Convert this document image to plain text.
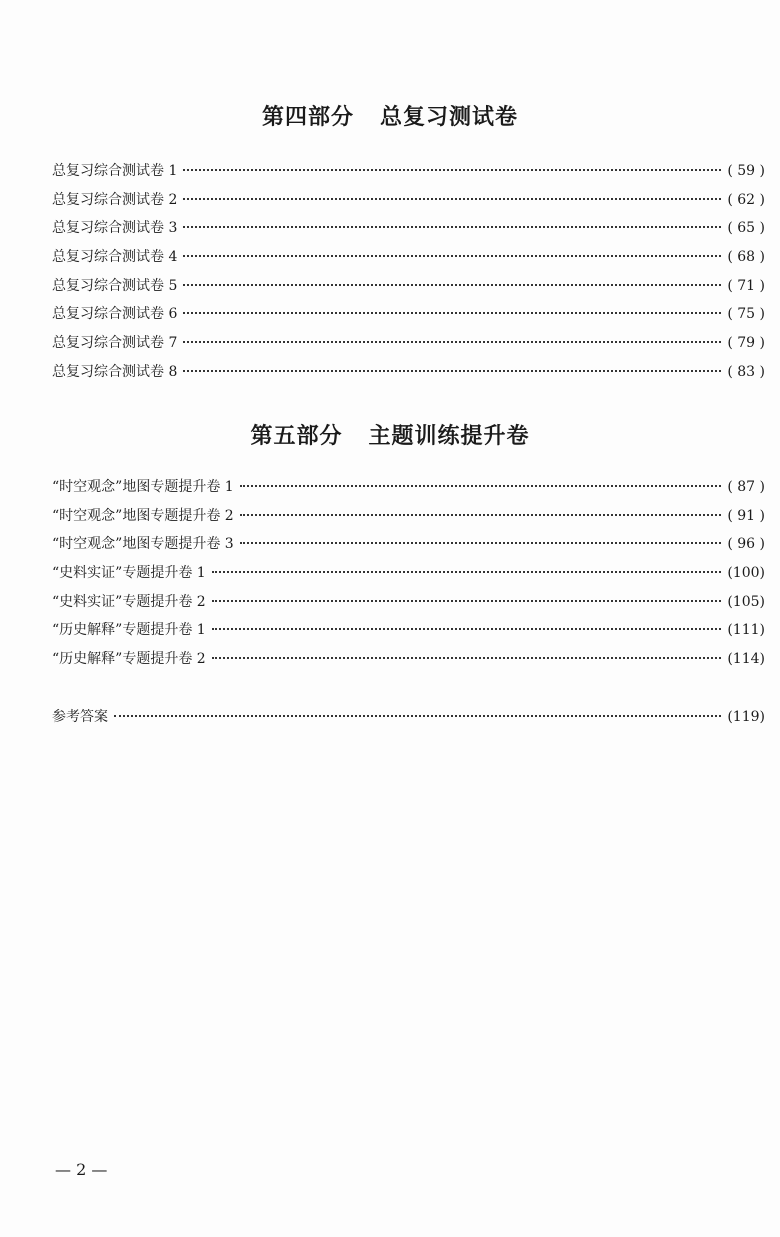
第四部分   总复习测试卷
总复习综合测试卷 1	( 59 )
总复习综合测试卷 2	( 62 )
总复习综合测试卷 3	( 65 )
总复习综合测试卷 4	( 68 )
总复习综合测试卷 5	( 71 )
总复习综合测试卷 6	( 75 )
总复习综合测试卷 7	( 79 )
总复习综合测试卷 8	( 83 )
第五部分   主题训练提升卷
“时空观念”地图专题提升卷 1	( 87 )
“时空观念”地图专题提升卷 2	( 91 )
“时空观念”地图专题提升卷 3	( 96 )
“史料实证”专题提升卷 1	(100)
“史料实证”专题提升卷 2	(105)
“历史解释”专题提升卷 1	(111)
“历史解释”专题提升卷 2	(114)
参考答案	(119)
— 2 —
